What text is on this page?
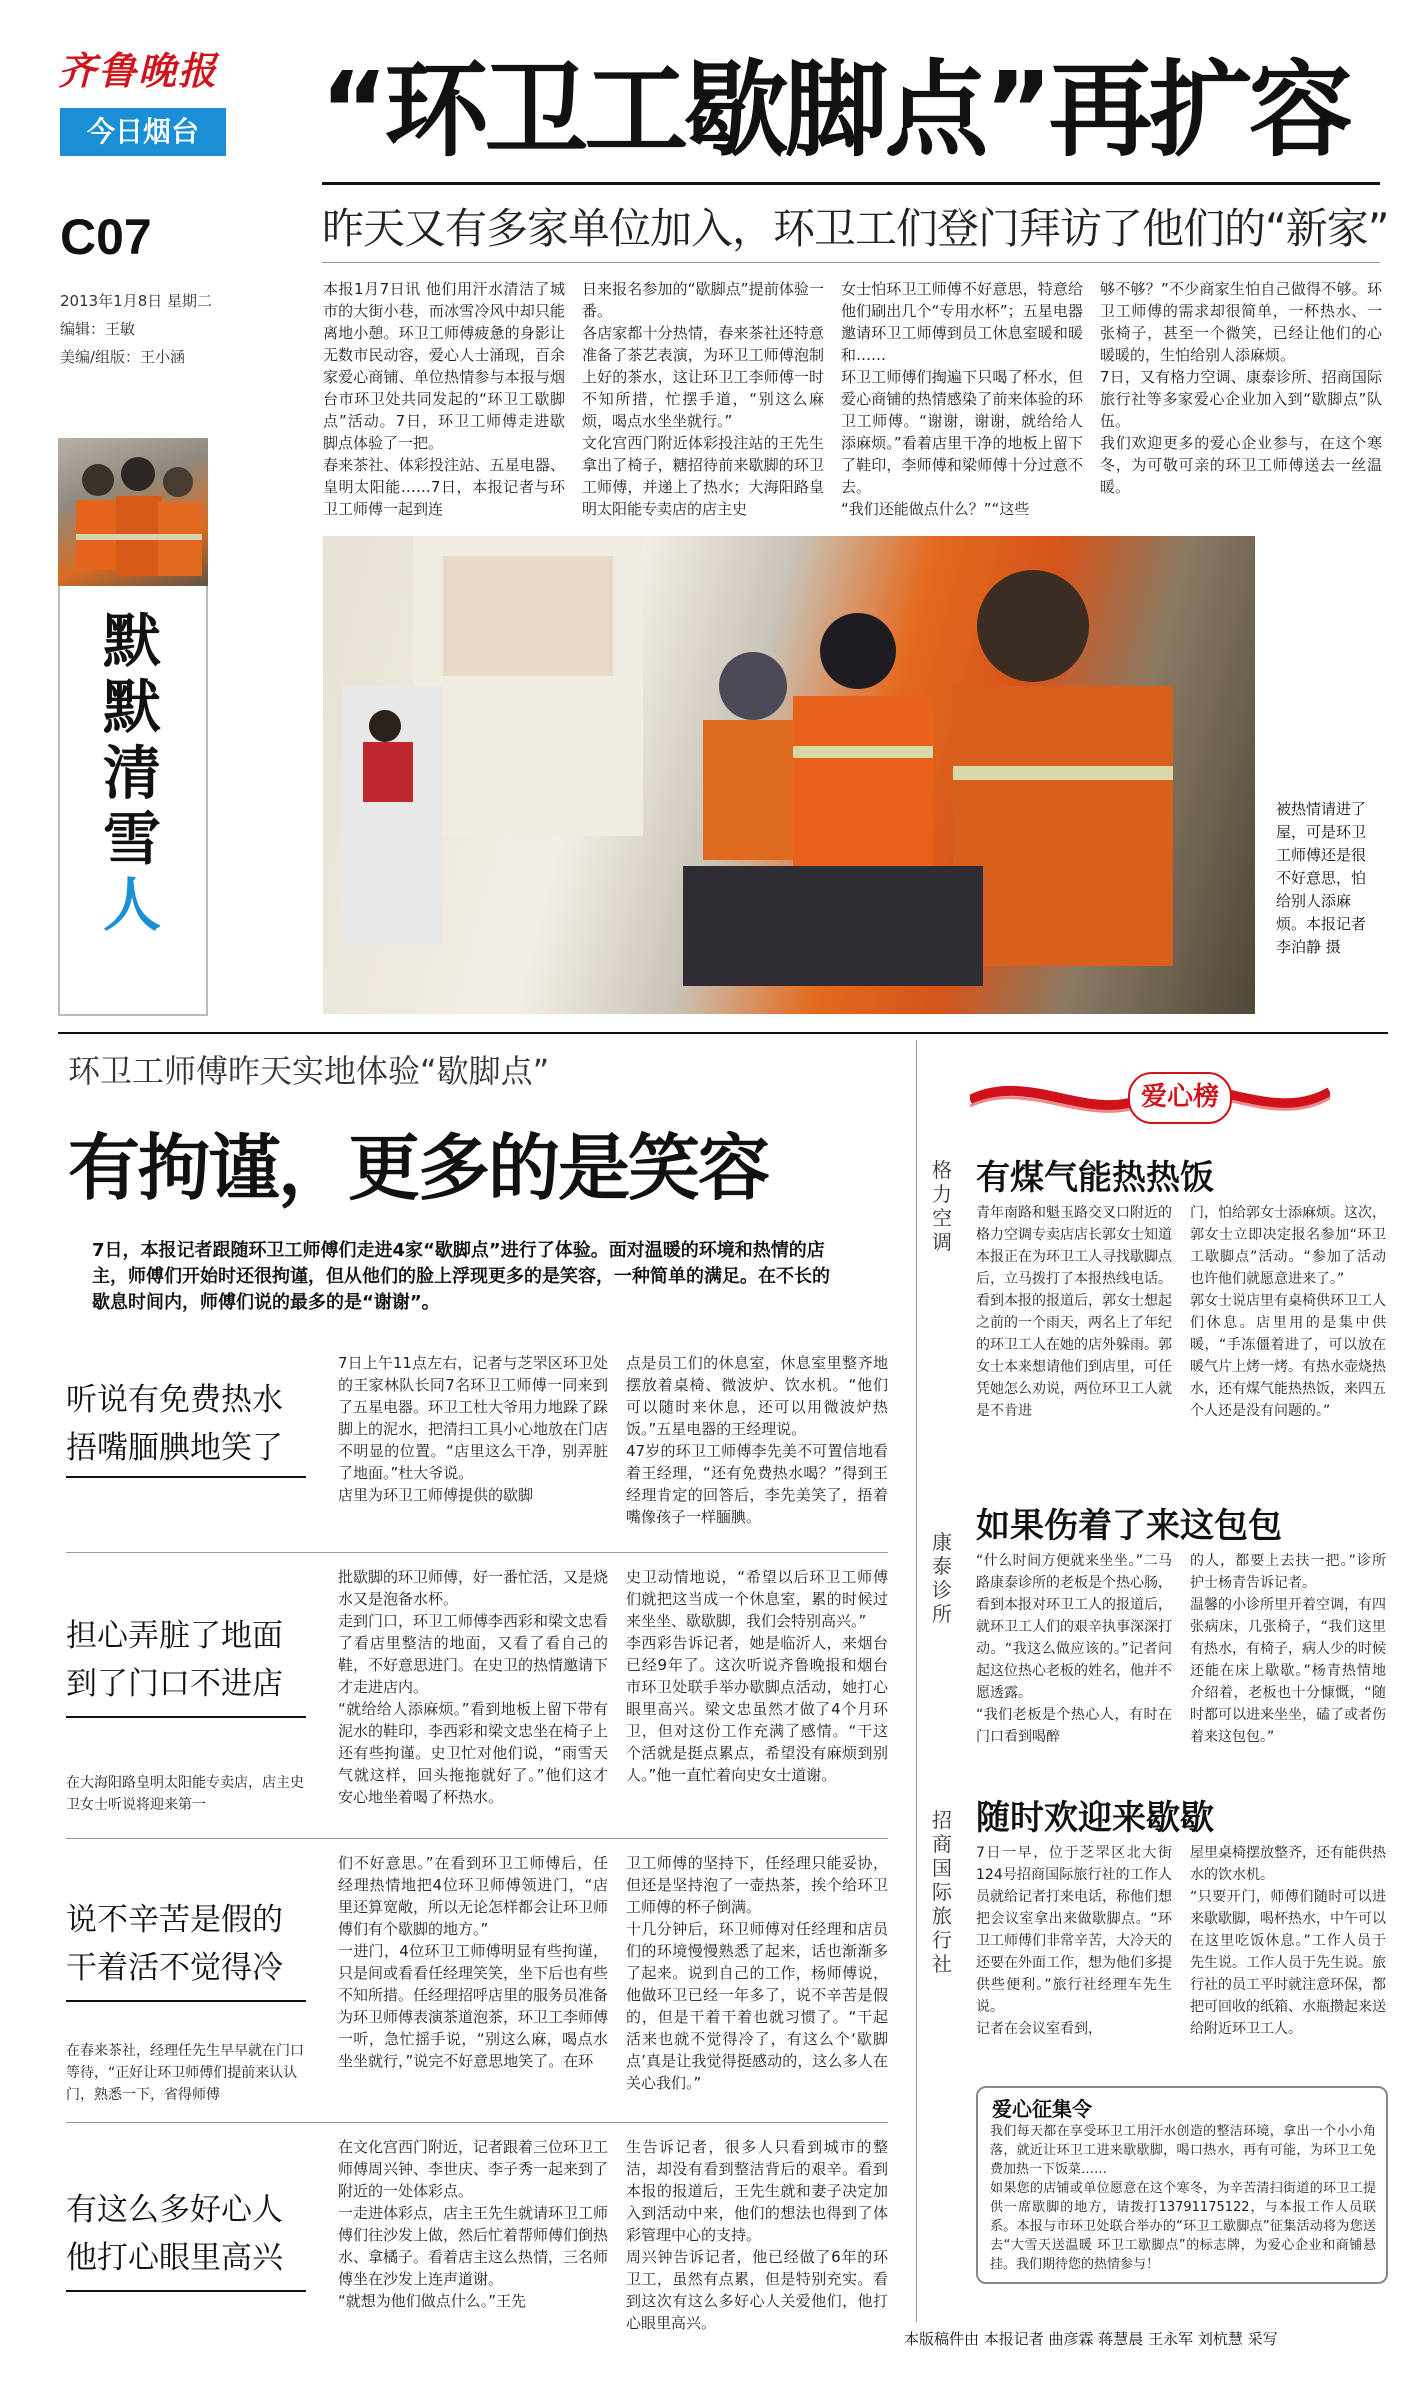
齐鲁晚报
今日烟台 “环卫工歇脚点”再扩容
昨天又有多家单位加入，环卫工们登门拜访了他们的“新家”
C07
2013年1月8日 星期二
编辑：王敏
美编/组版：王小涵
本报1月7日讯 他们用汗水清洁了城市的大街小巷，而冰雪冷风中却只能离地小憩。环卫工师傅疲惫的身影让无数市民动容，爱心人士涌现，百余家爱心商铺、单位热情参与本报与烟台市环卫处共同发起的“环卫工歇脚点”活动。7日，环卫工师傅走进歇脚点体验了一把。
春来茶社、体彩投注站、五星电器、皇明太阳能……7日，本报记者与环卫工师傅一起到连
日来报名参加的“歇脚点”提前体验一番。
各店家都十分热情，春来茶社还特意准备了茶艺表演，为环卫工师傅泡制上好的茶水，这让环卫工李师傅一时不知所措，忙摆手道，“别这么麻烦，喝点水坐坐就行。”
文化宫西门附近体彩投注站的王先生拿出了椅子，糖招待前来歇脚的环卫工师傅，并递上了热水；大海阳路皇明太阳能专卖店的店主史
女士怕环卫工师傅不好意思，特意给他们刷出几个“专用水杯”；五星电器邀请环卫工师傅到员工休息室暖和暖和……
环卫工师傅们掏遍下只喝了杯水，但爱心商铺的热情感染了前来体验的环卫工师傅。“谢谢，谢谢，就给给人添麻烦。”看着店里干净的地板上留下了鞋印，李师傅和梁师傅十分过意不去。
“我们还能做点什么？”“这些
够不够？”不少商家生怕自己做得不够。环卫工师傅的需求却很简单，一杯热水、一张椅子，甚至一个微笑，已经让他们的心暖暖的，生怕给别人添麻烦。
7日，又有格力空调、康泰诊所、招商国际旅行社等多家爱心企业加入到“歇脚点”队伍。
我们欢迎更多的爱心企业参与，在这个寒冬，为可敬可亲的环卫工师傅送去一丝温暖。
默
默
清
雪
人
被热情请进了屋，可是环卫工师傅还是很不好意思，怕给别人添麻烦。本报记者 李泊静 摄
环卫工师傅昨天实地体验“歇脚点”
有拘谨，更多的是笑容
7日，本报记者跟随环卫工师傅们走进4家“歇脚点”进行了体验。面对温暖的环境和热情的店主，师傅们开始时还很拘谨，但从他们的脸上浮现更多的是笑容，一种简单的满足。在不长的歇息时间内，师傅们说的最多的是“谢谢”。
听说有免费热水
捂嘴腼腆地笑了
7日上午11点左右，记者与芝罘区环卫处的王家林队长同7名环卫工师傅一同来到了五星电器。环卫工杜大爷用力地跺了跺脚上的泥水，把清扫工具小心地放在门店不明显的位置。“店里这么干净，别弄脏了地面。”杜大爷说。
店里为环卫工师傅提供的歇脚
点是员工们的休息室，休息室里整齐地摆放着桌椅、微波炉、饮水机。“他们可以随时来休息，还可以用微波炉热饭。”五星电器的王经理说。
47岁的环卫工师傅李先美不可置信地看着王经理，“还有免费热水喝？”得到王经理肯定的回答后，李先美笑了，捂着嘴像孩子一样腼腆。
担心弄脏了地面
到了门口不进店
在大海阳路皇明太阳能专卖店，店主史卫女士听说将迎来第一
批歇脚的环卫师傅，好一番忙活，又是烧水又是泡备水杯。
走到门口，环卫工师傅李西彩和梁文忠看了看店里整洁的地面，又看了看自己的鞋，不好意思进门。在史卫的热情邀请下才走进店内。
“就给给人添麻烦。”看到地板上留下带有泥水的鞋印，李西彩和梁文忠坐在椅子上还有些拘谨。史卫忙对他们说，“雨雪天气就这样，回头拖拖就好了。”他们这才安心地坐着喝了杯热水。
史卫动情地说，“希望以后环卫工师傅们就把这当成一个休息室，累的时候过来坐坐、歇歇脚，我们会特别高兴。”
李西彩告诉记者，她是临沂人，来烟台已经9年了。这次听说齐鲁晚报和烟台市环卫处联手举办歇脚点活动，她打心眼里高兴。梁文忠虽然才做了4个月环卫，但对这份工作充满了感情。“干这个活就是挺点累点，希望没有麻烦到别人。”他一直忙着向史女士道谢。
说不辛苦是假的
干着活不觉得冷
在春来茶社，经理任先生早早就在门口等待，“正好让环卫师傅们提前来认认门，熟悉一下，省得师傅
们不好意思。”在看到环卫工师傅后，任经理热情地把4位环卫师傅领进门，“店里还算宽敞，所以无论怎样都会让环卫师傅们有个歇脚的地方。”
一进门，4位环卫工师傅明显有些拘谨，只是间或看看任经理笑笑，坐下后也有些不知所措。任经理招呼店里的服务员准备为环卫师傅表演茶道泡茶，环卫工李师傅一听，急忙摇手说，“别这么麻，喝点水坐坐就行，”说完不好意思地笑了。在环
卫工师傅的坚持下，任经理只能妥协，但还是坚持泡了一壶热茶，挨个给环卫工师傅的杯子倒满。
十几分钟后，环卫师傅对任经理和店员们的环境慢慢熟悉了起来，话也渐渐多了起来。说到自己的工作，杨师傅说，他做环卫已经一年多了，说不辛苦是假的，但是干着干着也就习惯了。“干起活来也就不觉得冷了，有这么个‘歇脚点’真是让我觉得挺感动的，这么多人在关心我们。”
有这么多好心人
他打心眼里高兴
在文化宫西门附近，记者跟着三位环卫工师傅周兴钟、李世庆、李子秀一起来到了附近的一处体彩点。
一走进体彩点，店主王先生就请环卫工师傅们往沙发上做，然后忙着帮师傅们倒热水、拿橘子。看着店主这么热情，三名师傅坐在沙发上连声道谢。
“就想为他们做点什么。”王先
生告诉记者，很多人只看到城市的整洁，却没有看到整洁背后的艰辛。看到本报的报道后，王先生就和妻子决定加入到活动中来，他们的想法也得到了体彩管理中心的支持。
周兴钟告诉记者，他已经做了6年的环卫工，虽然有点累，但是特别充实。看到这次有这么多好心人关爱他们，他打心眼里高兴。
爱心榜
格力空调
有煤气能热热饭
青年南路和魁玉路交叉口附近的格力空调专卖店店长郭女士知道本报正在为环卫工人寻找歇脚点后，立马拨打了本报热线电话。
看到本报的报道后，郭女士想起之前的一个雨天，两名上了年纪的环卫工人在她的店外躲雨。郭女士本来想请他们到店里，可任凭她怎么劝说，两位环卫工人就是不肯进
门，怕给郭女士添麻烦。这次，郭女士立即决定报名参加“环卫工歇脚点”活动。“参加了活动也许他们就愿意进来了。”
郭女士说店里有桌椅供环卫工人们休息。店里用的是集中供暖，“手冻僵着进了，可以放在暖气片上烤一烤。有热水壶烧热水，还有煤气能热热饭，来四五个人还是没有问题的。”
康泰诊所
如果伤着了来这包包
“什么时间方便就来坐坐。”二马路康泰诊所的老板是个热心肠，看到本报对环卫工人的报道后，就环卫工人们的艰辛执事深深打动。“我这么做应该的。”记者问起这位热心老板的姓名，他并不愿透露。
“我们老板是个热心人，有时在门口看到喝醉
的人，都要上去扶一把。”诊所护士杨青告诉记者。
温馨的小诊所里开着空调，有四张病床，几张椅子，“我们这里有热水，有椅子，病人少的时候还能在床上歇歇。”杨青热情地介绍着，老板也十分慷慨，“随时都可以进来坐坐，磕了或者伤着来这包包。”
招商国际旅行社
随时欢迎来歇歇
7日一早，位于芝罘区北大街124号招商国际旅行社的工作人员就给记者打来电话，称他们想把会议室拿出来做歇脚点。“环卫工师傅们非常辛苦，大冷天的还要在外面工作，想为他们多提供些便利。”旅行社经理车先生说。
记者在会议室看到，
屋里桌椅摆放整齐，还有能供热水的饮水机。
“只要开门，师傅们随时可以进来歇歇脚，喝杯热水，中午可以在这里吃饭休息。”工作人员于先生说。工作人员于先生说。旅行社的员工平时就注意环保，都把可回收的纸箱、水瓶攒起来送给附近环卫工人。
爱心征集令
我们每天都在享受环卫工用汗水创造的整洁环境，拿出一个小小角落，就近让环卫工进来歇歇脚，喝口热水，再有可能，为环卫工免费加热一下饭菜……
如果您的店铺或单位愿意在这个寒冬，为辛苦清扫街道的环卫工提供一席歇脚的地方，请拨打13791175122，与本报工作人员联系。本报与市环卫处联合举办的“环卫工歇脚点”征集活动将为您送去“大雪天送温暖 环卫工歇脚点”的标志牌，为爱心企业和商铺悬挂。我们期待您的热情参与！
本版稿件由 本报记者 曲彦霖 蒋慧晨 王永军 刘杭慧 采写
